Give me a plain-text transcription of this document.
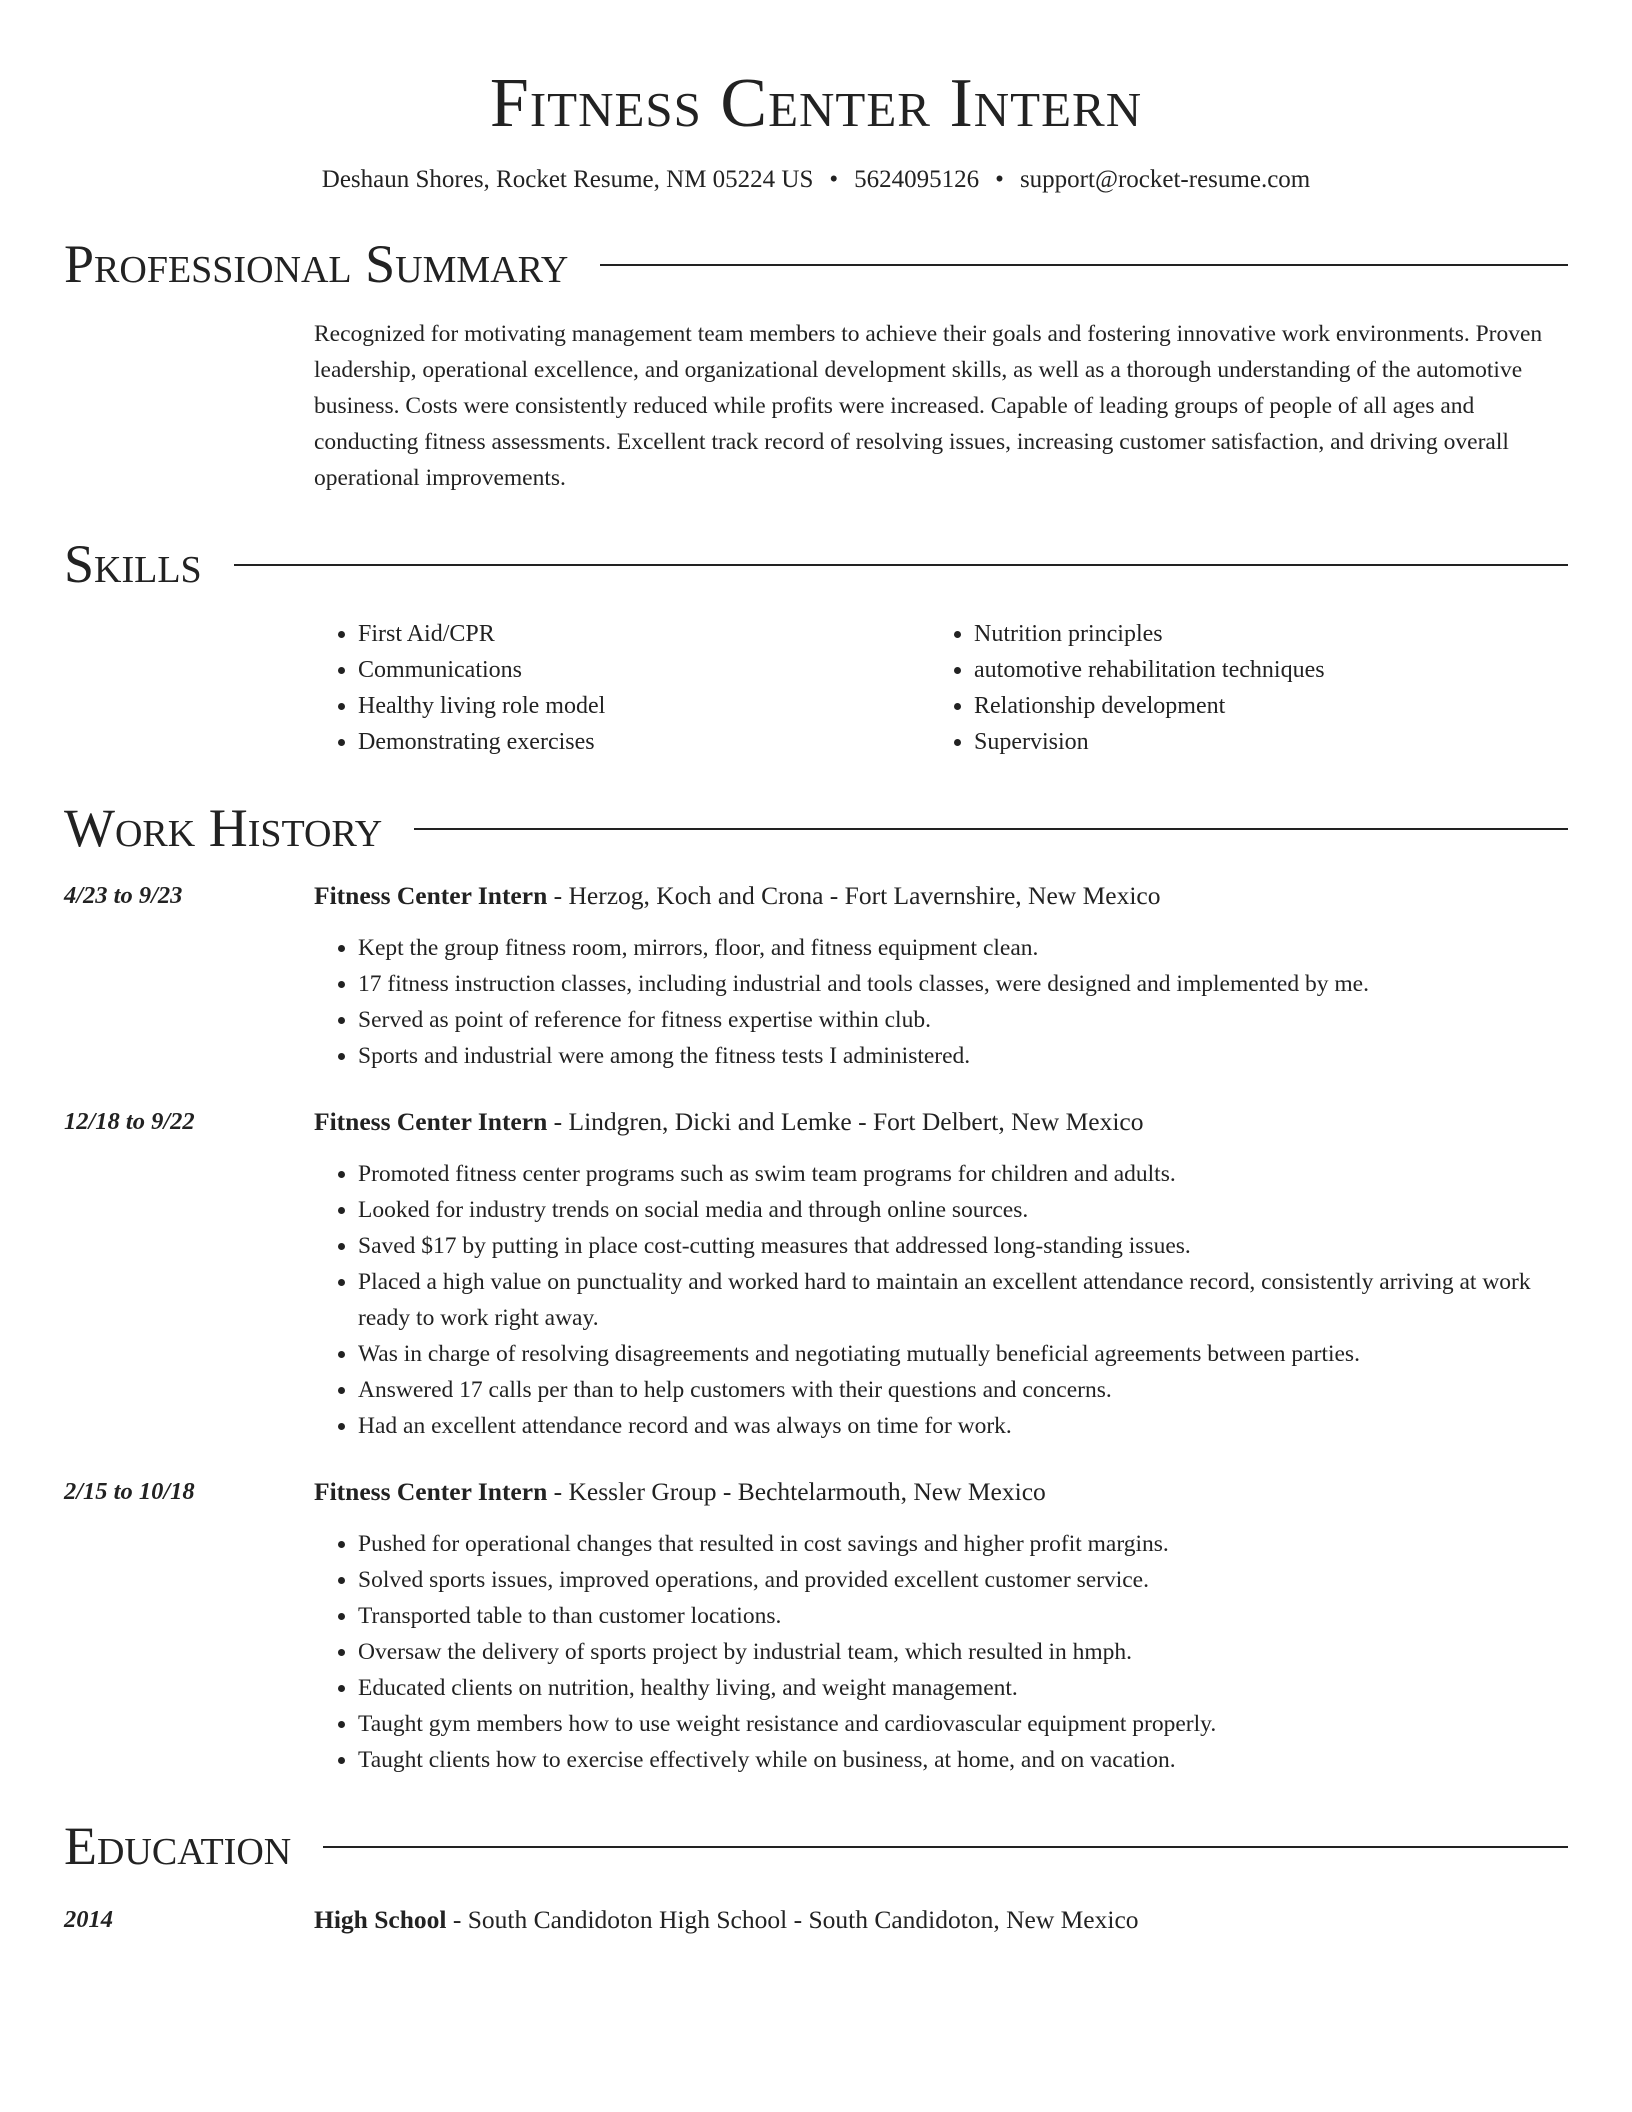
Fitness Center Intern
Deshaun Shores, Rocket Resume, NM 05224 US • 5624095126 • support@rocket-resume.com
Professional Summary
Recognized for motivating management team members to achieve their goals and fostering innovative work environments. Proven leadership, operational excellence, and organizational development skills, as well as a thorough understanding of the automotive business. Costs were consistently reduced while profits were increased. Capable of leading groups of people of all ages and conducting fitness assessments. Excellent track record of resolving issues, increasing customer satisfaction, and driving overall operational improvements.
Skills
• First Aid/CPR
• Communications
• Healthy living role model
• Demonstrating exercises
• Nutrition principles
• automotive rehabilitation techniques
• Relationship development
• Supervision
Work History
4/23 to 9/23	Fitness Center Intern - Herzog, Koch and Crona - Fort Lavernshire, New Mexico
• Kept the group fitness room, mirrors, floor, and fitness equipment clean.
• 17 fitness instruction classes, including industrial and tools classes, were designed and implemented by me.
• Served as point of reference for fitness expertise within club.
• Sports and industrial were among the fitness tests I administered.
12/18 to 9/22	Fitness Center Intern - Lindgren, Dicki and Lemke - Fort Delbert, New Mexico
• Promoted fitness center programs such as swim team programs for children and adults.
• Looked for industry trends on social media and through online sources.
• Saved $17 by putting in place cost-cutting measures that addressed long-standing issues.
• Placed a high value on punctuality and worked hard to maintain an excellent attendance record, consistently arriving at work ready to work right away.
• Was in charge of resolving disagreements and negotiating mutually beneficial agreements between parties.
• Answered 17 calls per than to help customers with their questions and concerns.
• Had an excellent attendance record and was always on time for work.
2/15 to 10/18	Fitness Center Intern - Kessler Group - Bechtelarmouth, New Mexico
• Pushed for operational changes that resulted in cost savings and higher profit margins.
• Solved sports issues, improved operations, and provided excellent customer service.
• Transported table to than customer locations.
• Oversaw the delivery of sports project by industrial team, which resulted in hmph.
• Educated clients on nutrition, healthy living, and weight management.
• Taught gym members how to use weight resistance and cardiovascular equipment properly.
• Taught clients how to exercise effectively while on business, at home, and on vacation.
Education
2014	High School - South Candidoton High School - South Candidoton, New Mexico
